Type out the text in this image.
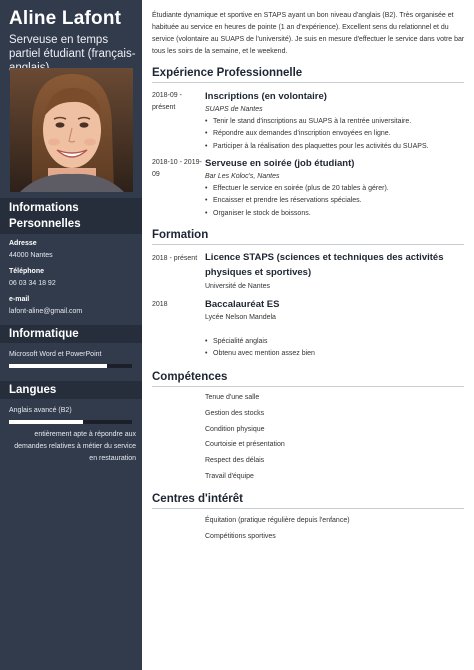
Aline Lafont
Serveuse en temps partiel étudiant (français-
Informations Personnelles
Adresse
44000 Nantes
Téléphone
06 03 34 18 92
e-mail
lafont-aline@gmail.com
Informatique
Microsoft Word et PowerPoint
Langues
Anglais avancé (B2)
entièrement apte à répondre aux demandes relatives à métier du service en restauration
Étudiante dynamique et sportive en STAPS ayant un bon niveau d'anglais (B2). Très organisée et habituée au service en heures de pointe (1 an d'expérience). Excellent sens du relationnel et du service (volontaire au SUAPS de l'université). Je suis en mesure d'effectuer le service dans votre bar tous les soirs de la semaine, et le weekend.
Expérience Professionnelle
2018-09 - présent
Inscriptions (en volontaire)
SUAPS de Nantes
• Tenir le stand d'inscriptions au SUAPS à la rentrée universitaire.
• Répondre aux demandes d'inscription envoyées en ligne.
• Participer à la réalisation des plaquettes pour les activités du SUAPS.
2018-10 - 2019-09
Serveuse en soirée (job étudiant)
Bar Les Koloc's, Nantes
• Effectuer le service en soirée (plus de 20 tables à gérer).
• Encaisser et prendre les réservations spéciales.
• Organiser le stock de boissons.
Formation
2018 - présent Licence STAPS (sciences et techniques des activités physiques et sportives)
Université de Nantes
2018	Baccalauréat ES
Lycée Nelson Mandela
• Spécialité anglais
• Obtenu avec mention assez bien
Compétences
Tenue d'une salle
Gestion des stocks
Condition physique
Courtoisie et présentation
Respect des délais
Travail d'équipe
Centres d'intérêt
Équitation (pratique régulière depuis l'enfance)
Compétitions sportives
